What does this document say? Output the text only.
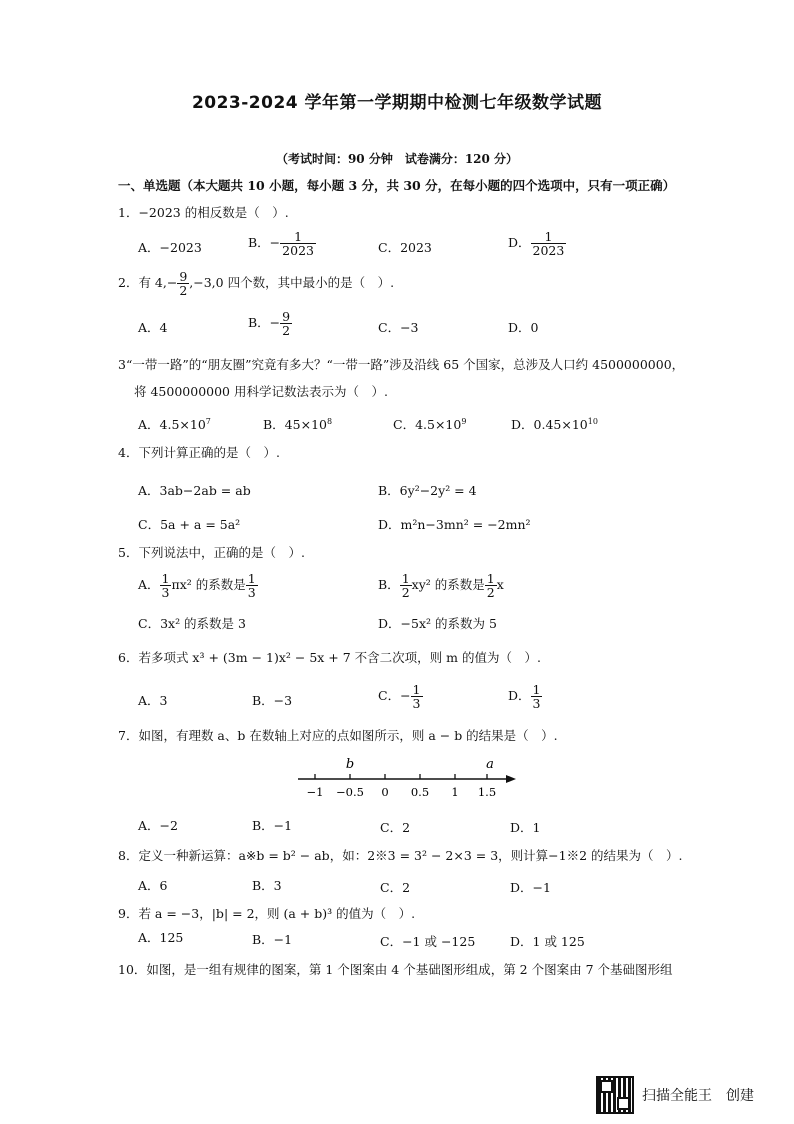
2023-2024 学年第一学期期中检测七年级数学试题
（考试时间：90 分钟　试卷满分：120 分）
一、单选题（本大题共 10 小题，每小题 3 分，共 30 分，在每小题的四个选项中，只有一项正确）
1．−2023 的相反数是（　）.
A．−2023	B．− $\frac{1}{2023}$	C．2023	D． $\frac{1}{2023}$
2．有 $4,- \frac{9}{2} ,-3,0$ 四个数，其中最小的是（　）.
A．4	B．− $\frac{9}{2}$	C．−3	D．0
3“一带一路”的“朋友圈”究竟有多大？“一带一路”涉及沿线 65 个国家，总涉及人口约 4500000000，
将 4500000000 用科学记数法表示为（　）.
A．$4.5\times 10^7$	B．$45\times 10^8$	C．$4.5\times 10^9$	D．$0.45\times 10^{10}$
4．下列计算正确的是（　）.
A．3ab−2ab = ab	B．6y²−2y² = 4
C．5a + a = 5a²	D．m²n−3mn² = −2mn²
5．下列说法中，正确的是（　）.
A． $\frac{1}{3} \pi x^2$ 的系数是 $\frac{1}{3}$	B． $\frac{1}{2} xy^2$ 的系数是 $\frac{1}{2}$ x
C．3x² 的系数是 3	D．−5x² 的系数为 5
6．若多项式 x³ + (3m − 1)x² − 5x + 7 不含二次项，则 m 的值为（　）.
A．3	B．−3	C．− $\frac{1}{3}$	D． $\frac{1}{3}$
7．如图，有理数 a、b 在数轴上对应的点如图所示，则 a − b 的结果是（　）.
−1 −0.5 0 0.5 1 1.5
b	a
A．−2	B．−1	C．2	D．1
8．定义一种新运算：a※b = b² − ab，如：2※3 = 3² − 2×3 = 3，则计算−1※2 的结果为（　）.
A．6	B．3	C．2	D．−1
9．若 a = −3，|b| = 2，则 (a + b)³ 的值为（　）.
A．125	B．−1	C．−1 或 −125	D．1 或 125
10．如图，是一组有规律的图案，第 1 个图案由 4 个基础图形组成，第 2 个图案由 7 个基础图形组
扫描全能王　创建
